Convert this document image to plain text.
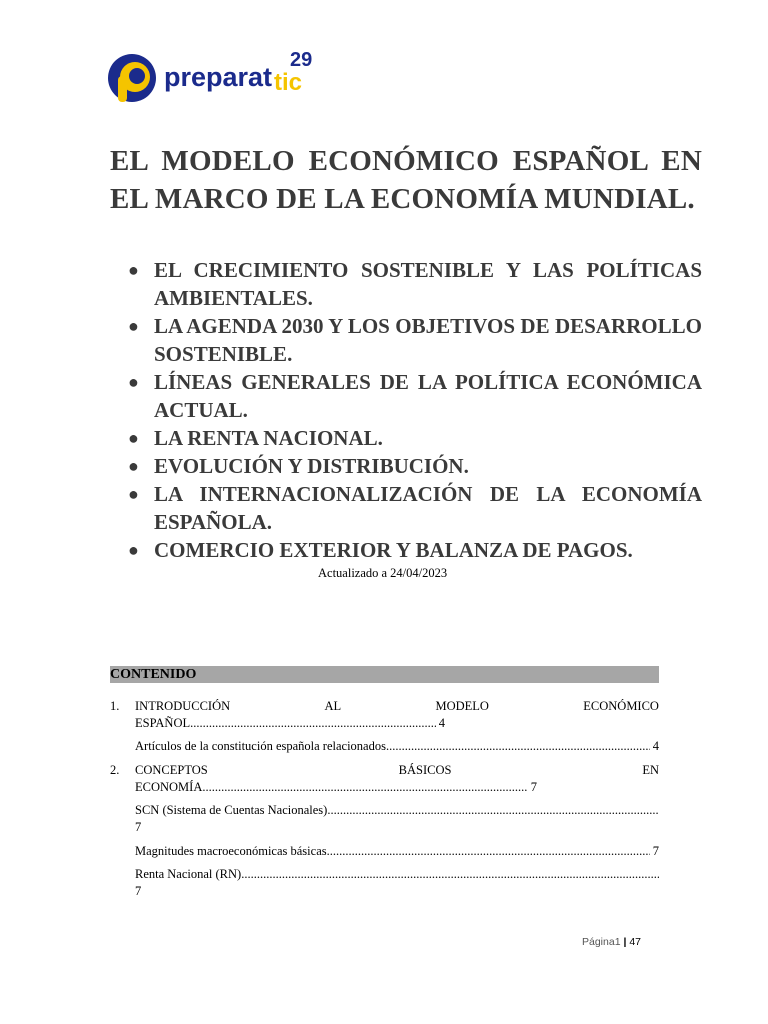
preparat tic
29
EL MODELO ECONÓMICO ESPAÑOL EN EL MARCO DE LA ECONOMÍA MUNDIAL.
● EL CRECIMIENTO SOSTENIBLE Y LAS POLÍTICAS AMBIENTALES.
● LA AGENDA 2030 Y LOS OBJETIVOS DE DESARROLLO SOSTENIBLE.
● LÍNEAS GENERALES DE LA POLÍTICA ECONÓMICA ACTUAL.
● LA RENTA NACIONAL.
● EVOLUCIÓN Y DISTRIBUCIÓN.
● LA INTERNACIONALIZACIÓN DE LA ECONOMÍA ESPAÑOLA.
● COMERCIO EXTERIOR Y BALANZA DE PAGOS.
Actualizado a 24/04/2023
CONTENIDO
1. INTRODUCCIÓN	AL	MODELO	ECONÓMICO
ESPAÑOL .....	4
Artículos de la constitución española relacionados .....	4
2. CONCEPTOS	BÁSICOS	EN
ECONOMÍA .....	7
SCN (Sistema de Cuentas Nacionales)
.....
7
Magnitudes macroeconómicas básicas .....	7
Renta Nacional (RN)
.....
7
Página1 | 47
